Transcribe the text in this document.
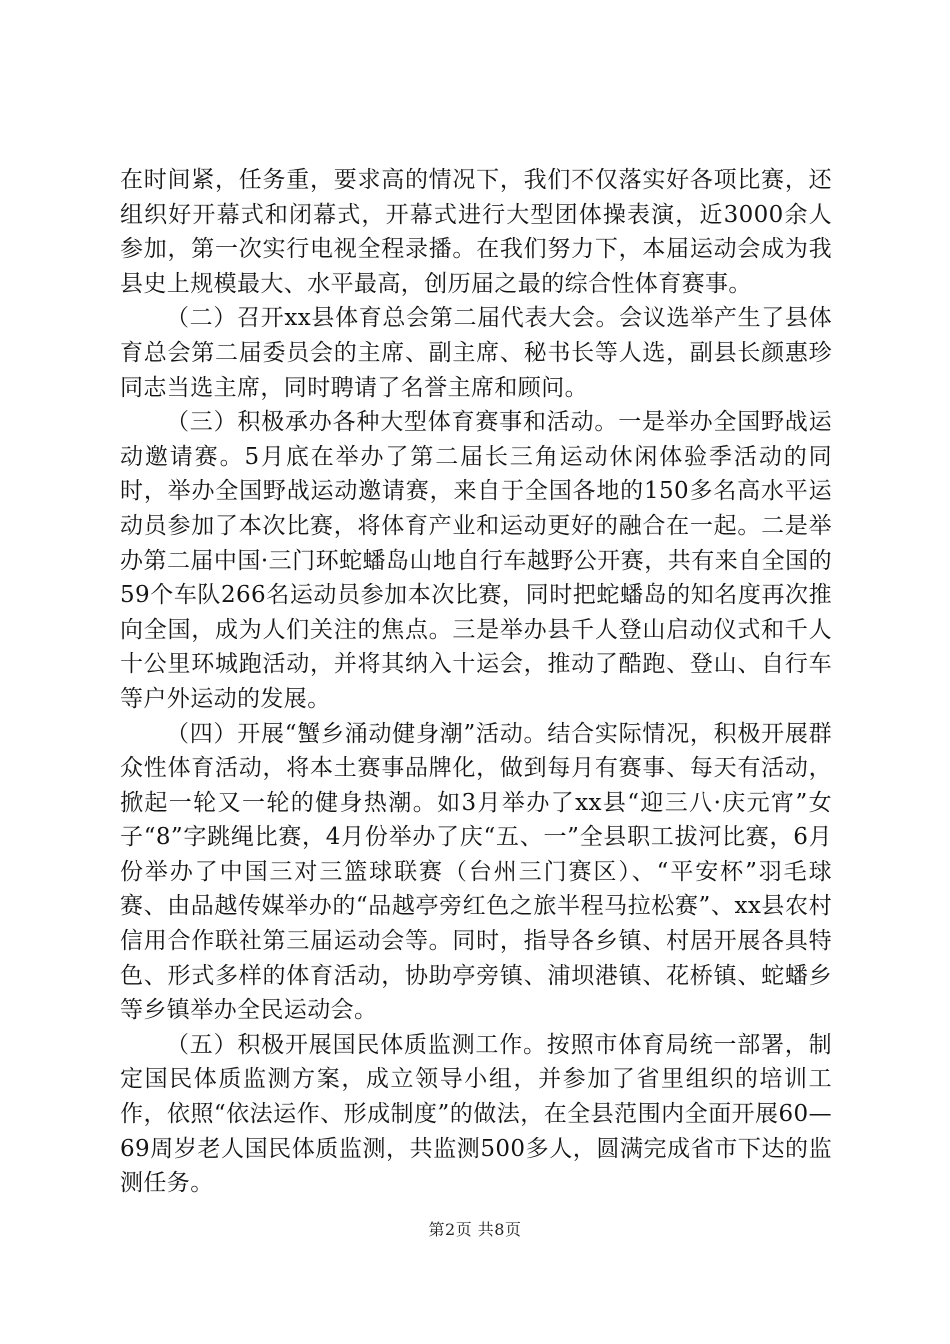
在时间紧，任务重，要求高的情况下，我们不仅落实好各项比赛，还组织好开幕式和闭幕式，开幕式进行大型团体操表演，近3000余人参加，第一次实行电视全程录播。在我们努力下，本届运动会成为我县史上规模最大、水平最高，创历届之最的综合性体育赛事。

（二）召开xx县体育总会第二届代表大会。会议选举产生了县体育总会第二届委员会的主席、副主席、秘书长等人选，副县长颜惠珍同志当选主席，同时聘请了名誉主席和顾问。

（三）积极承办各种大型体育赛事和活动。一是举办全国野战运动邀请赛。5月底在举办了第二届长三角运动休闲体验季活动的同时，举办全国野战运动邀请赛，来自于全国各地的150多名高水平运动员参加了本次比赛，将体育产业和运动更好的融合在一起。二是举办第二届中国·三门环蛇蟠岛山地自行车越野公开赛，共有来自全国的59个车队266名运动员参加本次比赛，同时把蛇蟠岛的知名度再次推向全国，成为人们关注的焦点。三是举办县千人登山启动仪式和千人十公里环城跑活动，并将其纳入十运会，推动了酷跑、登山、自行车等户外运动的发展。

（四）开展“蟹乡涌动健身潮”活动。结合实际情况，积极开展群众性体育活动，将本土赛事品牌化，做到每月有赛事、每天有活动，掀起一轮又一轮的健身热潮。如3月举办了xx县“迎三八·庆元宵”女子“8”字跳绳比赛，4月份举办了庆“五、一”全县职工拔河比赛，6月份举办了中国三对三篮球联赛（台州三门赛区）、“平安杯”羽毛球赛、由品越传媒举办的“品越亭旁红色之旅半程马拉松赛”、xx县农村信用合作联社第三届运动会等。同时，指导各乡镇、村居开展各具特色、形式多样的体育活动，协助亭旁镇、浦坝港镇、花桥镇、蛇蟠乡等乡镇举办全民运动会。

（五）积极开展国民体质监测工作。按照市体育局统一部署，制定国民体质监测方案，成立领导小组，并参加了省里组织的培训工作，依照“依法运作、形成制度”的做法，在全县范围内全面开展60—69周岁老人国民体质监测，共监测500多人，圆满完成省市下达的监测任务。

第2页 共8页
